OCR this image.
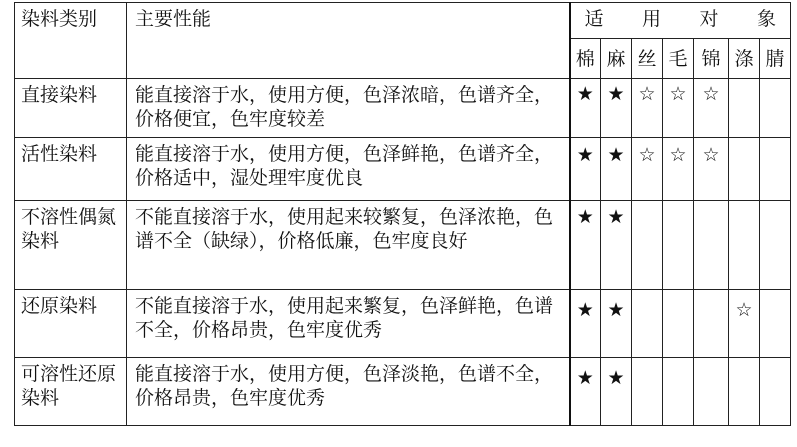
染料类别	主要性能	适 用 对 象						

		棉	麻	丝	毛	锦	涤	腈
直接染料	能直接溶于水，使用方便，色泽浓暗，色谱齐全，价格便宜，色牢度较差	★	★	☆	☆	☆		
活性染料	能直接溶于水，使用方便，色泽鲜艳，色谱齐全，价格适中，湿处理牢度优良	★	★	☆	☆	☆		
不溶性偶氮染料	不能直接溶于水，使用起来较繁复，色泽浓艳，色谱不全（缺绿），价格低廉，色牢度良好	★	★					
还原染料	不能直接溶于水，使用起来繁复，色泽鲜艳，色谱不全，价格昂贵，色牢度优秀	★	★				☆	
可溶性还原染料	能直接溶于水，使用方便，色泽淡艳，色谱不全，价格昂贵，色牢度优秀	★	★					
